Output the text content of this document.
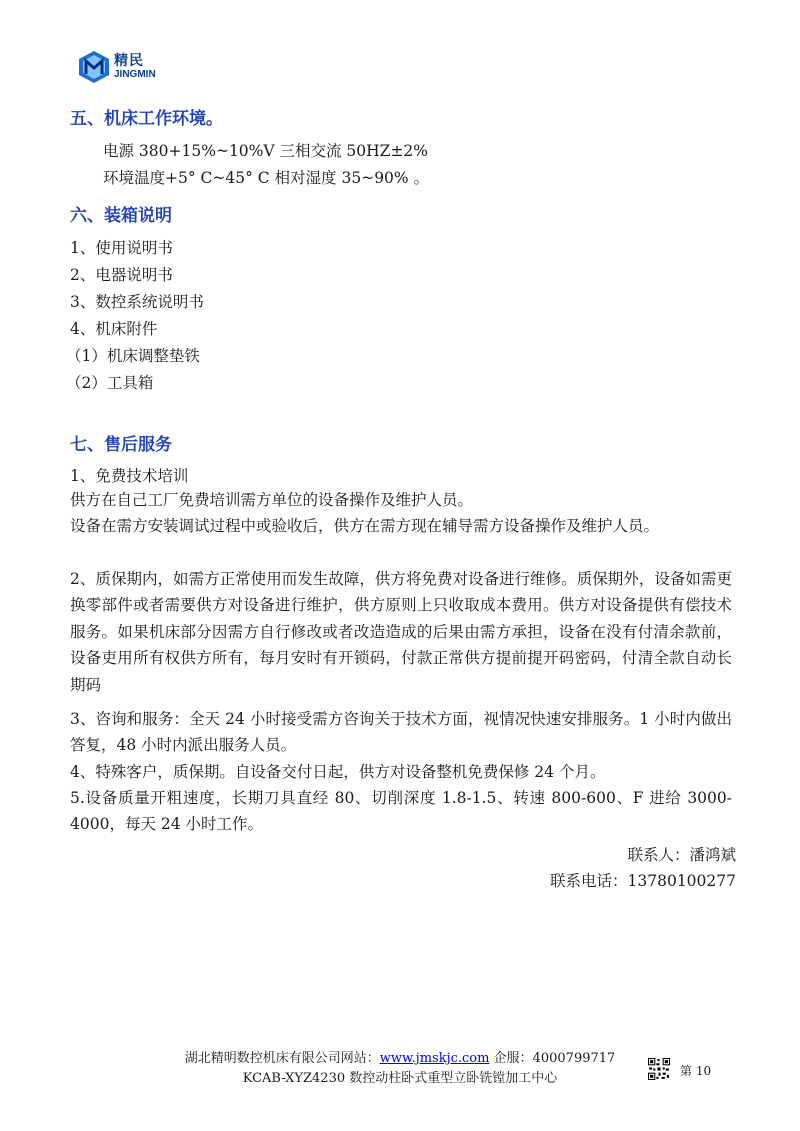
精民
JINGMIN
五、机床工作环境。
电源 380+15%~10%V 三相交流 50HZ±2%
环境温度+5° C~45° C 相对湿度 35~90% 。
六、装箱说明
1、使用说明书
2、电器说明书
3、数控系统说明书
4、机床附件
（1）机床调整垫铁
（2）工具箱
七、售后服务
1、免费技术培训
供方在自己工厂免费培训需方单位的设备操作及维护人员。
设备在需方安装调试过程中或验收后，供方在需方现在辅导需方设备操作及维护人员。
2、质保期内，如需方正常使用而发生故障，供方将免费对设备进行维修。质保期外，设备如需更换零部件或者需要供方对设备进行维护，供方原则上只收取成本费用。供方对设备提供有偿技术服务。如果机床部分因需方自行修改或者改造造成的后果由需方承担，设备在没有付清余款前，设备吏用所有权供方所有，每月安时有开锁码，付款正常供方提前提开码密码，付清全款自动长期码
3、咨询和服务：全天 24 小时接受需方咨询关于技术方面，视情况快速安排服务。1 小时内做出答复，48 小时内派出服务人员。
4、特殊客户，质保期。自设备交付日起，供方对设备整机免费保修 24 个月。
5.设备质量开粗速度，长期刀具直经 80、切削深度 1.8-1.5、转速 800-600、F 进给 3000-4000，每天 24 小时工作。
联系人：潘鸿斌
联系电话：13780100277
湖北精明数控机床有限公司网站：www.jmskjc.com 企服：4000799717
KCAB-XYZ4230 数控动柱卧式重型立卧铣镗加工中心	第 10
